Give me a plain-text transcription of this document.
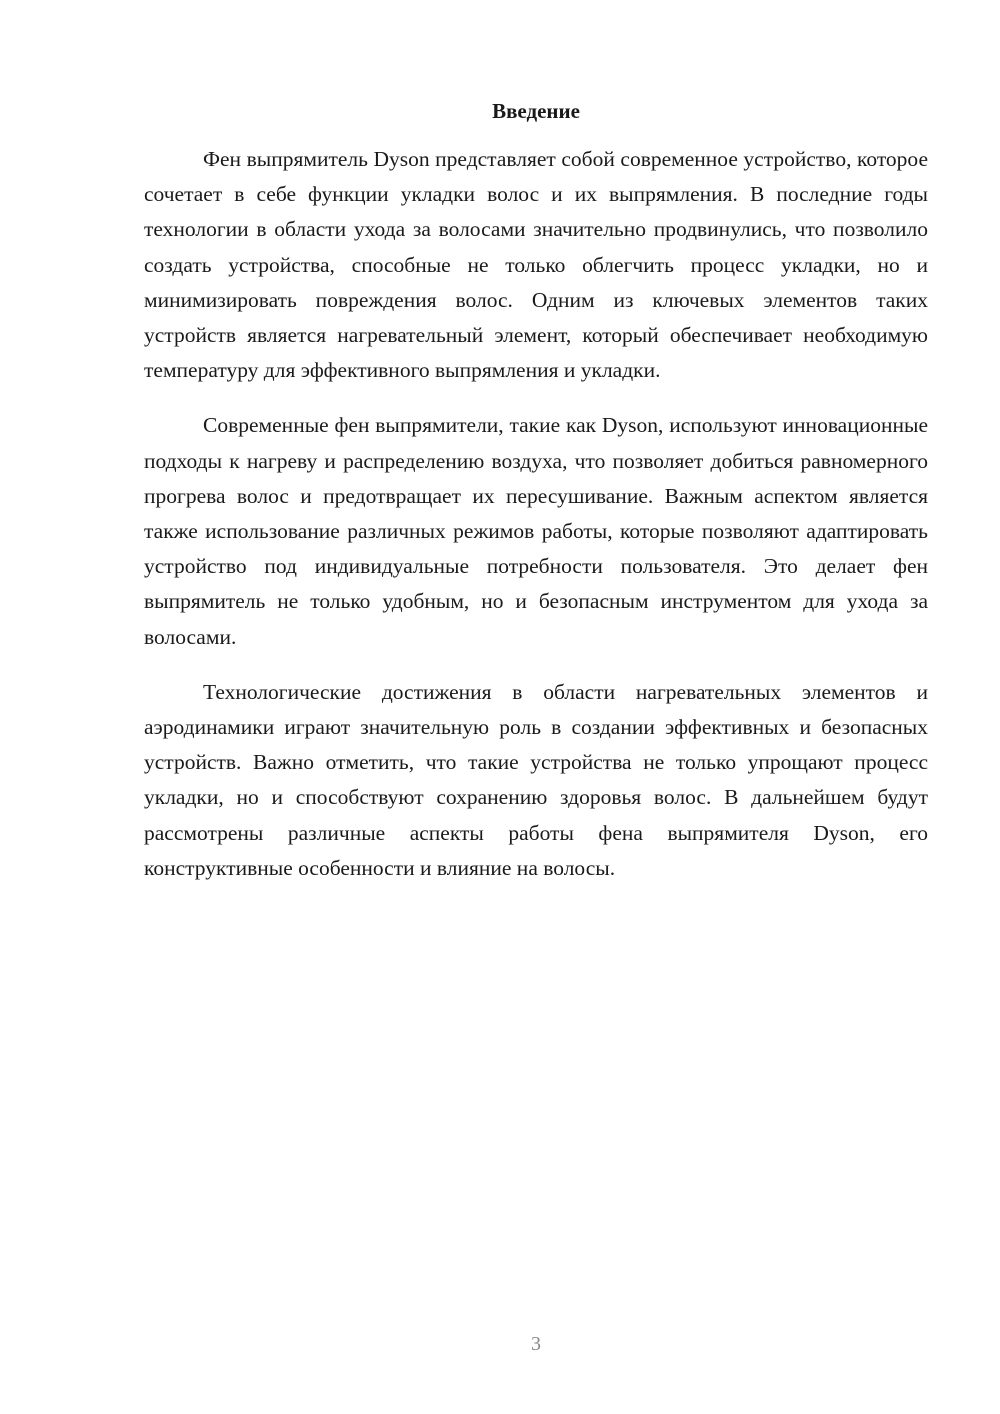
Введение

Фен выпрямитель Dyson представляет собой современное устройство, которое сочетает в себе функции укладки волос и их выпрямления. В последние годы технологии в области ухода за волосами значительно продвинулись, что позволило создать устройства, способные не только облегчить процесс укладки, но и минимизировать повреждения волос. Одним из ключевых элементов таких устройств является нагревательный элемент, который обеспечивает необходимую температуру для эффективного выпрямления и укладки.

Современные фен выпрямители, такие как Dyson, используют инновационные подходы к нагреву и распределению воздуха, что позволяет добиться равномерного прогрева волос и предотвращает их пересушивание. Важным аспектом является также использование различных режимов работы, которые позволяют адаптировать устройство под индивидуальные потребности пользователя. Это делает фен выпрямитель не только удобным, но и безопасным инструментом для ухода за волосами.

Технологические достижения в области нагревательных элементов и аэродинамики играют значительную роль в создании эффективных и безопасных устройств. Важно отметить, что такие устройства не только упрощают процесс укладки, но и способствуют сохранению здоровья волос. В дальнейшем будут рассмотрены различные аспекты работы фена выпрямителя Dyson, его конструктивные особенности и влияние на волосы.

3
